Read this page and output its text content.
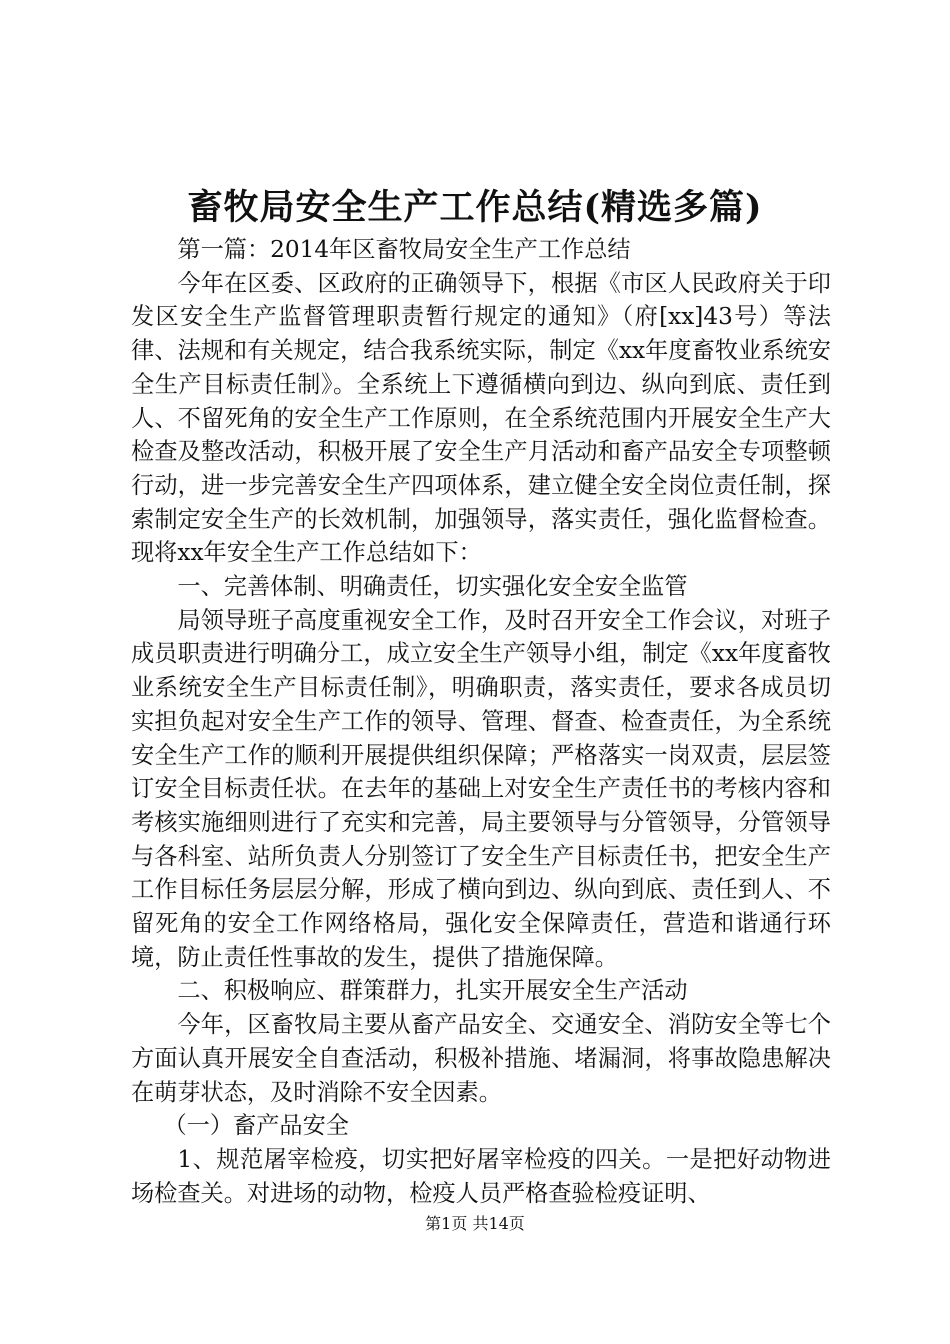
畜牧局安全生产工作总结(精选多篇)

第一篇：2014年区畜牧局安全生产工作总结

今年在区委、区政府的正确领导下，根据《市区人民政府关于印发区安全生产监督管理职责暂行规定的通知》（府[xx]43号）等法律、法规和有关规定，结合我系统实际，制定《xx年度畜牧业系统安全生产目标责任制》。全系统上下遵循横向到边、纵向到底、责任到人、不留死角的安全生产工作原则，在全系统范围内开展安全生产大检查及整改活动，积极开展了安全生产月活动和畜产品安全专项整顿行动，进一步完善安全生产四项体系，建立健全安全岗位责任制，探索制定安全生产的长效机制，加强领导，落实责任，强化监督检查。现将xx年安全生产工作总结如下：

一、完善体制、明确责任，切实强化安全安全监管

局领导班子高度重视安全工作，及时召开安全工作会议，对班子成员职责进行明确分工，成立安全生产领导小组，制定《xx年度畜牧业系统安全生产目标责任制》，明确职责，落实责任，要求各成员切实担负起对安全生产工作的领导、管理、督查、检查责任，为全系统安全生产工作的顺利开展提供组织保障；严格落实一岗双责，层层签订安全目标责任状。在去年的基础上对安全生产责任书的考核内容和考核实施细则进行了充实和完善，局主要领导与分管领导，分管领导与各科室、站所负责人分别签订了安全生产目标责任书，把安全生产工作目标任务层层分解，形成了横向到边、纵向到底、责任到人、不留死角的安全工作网络格局，强化安全保障责任，营造和谐通行环境，防止责任性事故的发生，提供了措施保障。

二、积极响应、群策群力，扎实开展安全生产活动

今年，区畜牧局主要从畜产品安全、交通安全、消防安全等七个方面认真开展安全自查活动，积极补措施、堵漏洞，将事故隐患解决在萌芽状态，及时消除不安全因素。

（一）畜产品安全

1、规范屠宰检疫，切实把好屠宰检疫的四关。一是把好动物进场检查关。对进场的动物，检疫人员严格查验检疫证明、

第1页 共14页
